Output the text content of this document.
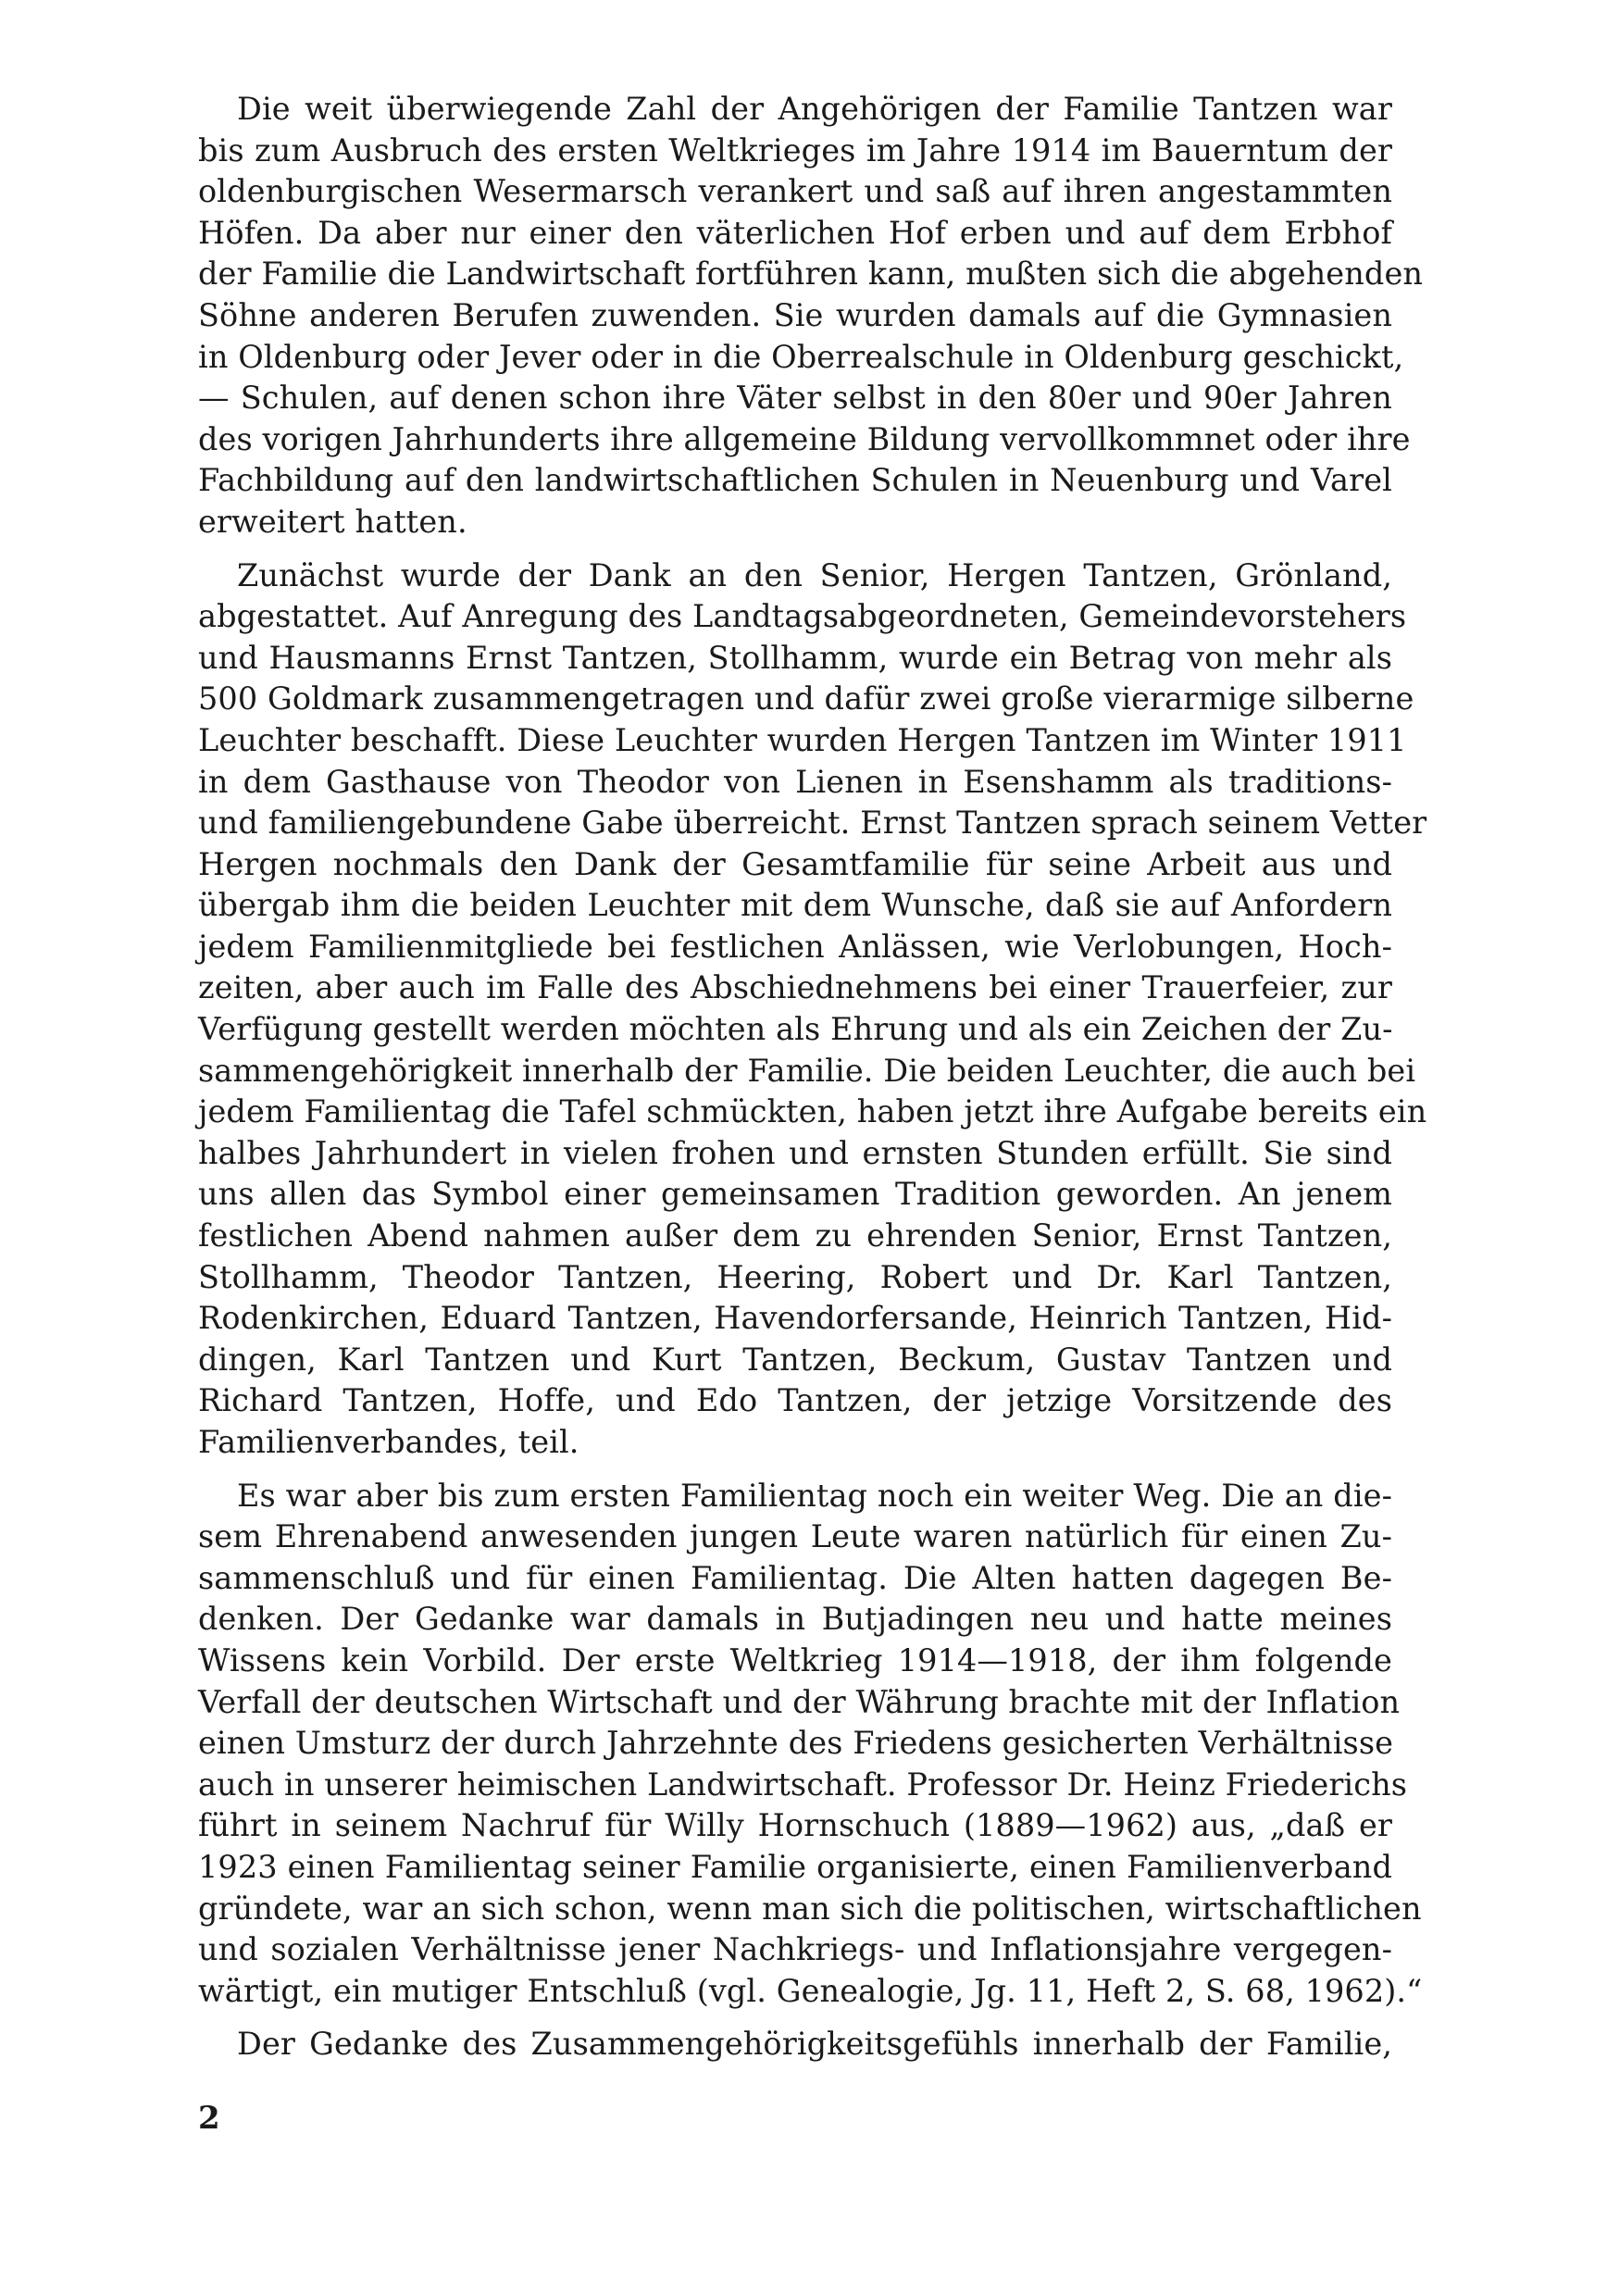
Die weit überwiegende Zahl der Angehörigen der Familie Tantzen war
bis zum Ausbruch des ersten Weltkrieges im Jahre 1914 im Bauerntum der
oldenburgischen Wesermarsch verankert und saß auf ihren angestammten
Höfen. Da aber nur einer den väterlichen Hof erben und auf dem Erbhof
der Familie die Landwirtschaft fortführen kann, mußten sich die abgehenden
Söhne anderen Berufen zuwenden. Sie wurden damals auf die Gymnasien
in Oldenburg oder Jever oder in die Oberrealschule in Oldenburg geschickt,
— Schulen, auf denen schon ihre Väter selbst in den 80er und 90er Jahren
des vorigen Jahrhunderts ihre allgemeine Bildung vervollkommnet oder ihre
Fachbildung auf den landwirtschaftlichen Schulen in Neuenburg und Varel
erweitert hatten.
Zunächst wurde der Dank an den Senior, Hergen Tantzen, Grönland,
abgestattet. Auf Anregung des Landtagsabgeordneten, Gemeindevorstehers
und Hausmanns Ernst Tantzen, Stollhamm, wurde ein Betrag von mehr als
500 Goldmark zusammengetragen und dafür zwei große vierarmige silberne
Leuchter beschafft. Diese Leuchter wurden Hergen Tantzen im Winter 1911
in dem Gasthause von Theodor von Lienen in Esenshamm als traditions-
und familiengebundene Gabe überreicht. Ernst Tantzen sprach seinem Vetter
Hergen nochmals den Dank der Gesamtfamilie für seine Arbeit aus und
übergab ihm die beiden Leuchter mit dem Wunsche, daß sie auf Anfordern
jedem Familienmitgliede bei festlichen Anlässen, wie Verlobungen, Hoch-
zeiten, aber auch im Falle des Abschiednehmens bei einer Trauerfeier, zur
Verfügung gestellt werden möchten als Ehrung und als ein Zeichen der Zu-
sammengehörigkeit innerhalb der Familie. Die beiden Leuchter, die auch bei
jedem Familientag die Tafel schmückten, haben jetzt ihre Aufgabe bereits ein
halbes Jahrhundert in vielen frohen und ernsten Stunden erfüllt. Sie sind
uns allen das Symbol einer gemeinsamen Tradition geworden. An jenem
festlichen Abend nahmen außer dem zu ehrenden Senior, Ernst Tantzen,
Stollhamm, Theodor Tantzen, Heering, Robert und Dr. Karl Tantzen,
Rodenkirchen, Eduard Tantzen, Havendorfersande, Heinrich Tantzen, Hid-
dingen, Karl Tantzen und Kurt Tantzen, Beckum, Gustav Tantzen und
Richard Tantzen, Hoffe, und Edo Tantzen, der jetzige Vorsitzende des
Familienverbandes, teil.
Es war aber bis zum ersten Familientag noch ein weiter Weg. Die an die-
sem Ehrenabend anwesenden jungen Leute waren natürlich für einen Zu-
sammenschluß und für einen Familientag. Die Alten hatten dagegen Be-
denken. Der Gedanke war damals in Butjadingen neu und hatte meines
Wissens kein Vorbild. Der erste Weltkrieg 1914—1918, der ihm folgende
Verfall der deutschen Wirtschaft und der Währung brachte mit der Inflation
einen Umsturz der durch Jahrzehnte des Friedens gesicherten Verhältnisse
auch in unserer heimischen Landwirtschaft. Professor Dr. Heinz Friederichs
führt in seinem Nachruf für Willy Hornschuch (1889—1962) aus, „daß er
1923 einen Familientag seiner Familie organisierte, einen Familienverband
gründete, war an sich schon, wenn man sich die politischen, wirtschaftlichen
und sozialen Verhältnisse jener Nachkriegs- und Inflationsjahre vergegen-
wärtigt, ein mutiger Entschluß (vgl. Genealogie, Jg. 11, Heft 2, S. 68, 1962).“
Der Gedanke des Zusammengehörigkeitsgefühls innerhalb der Familie,
2
